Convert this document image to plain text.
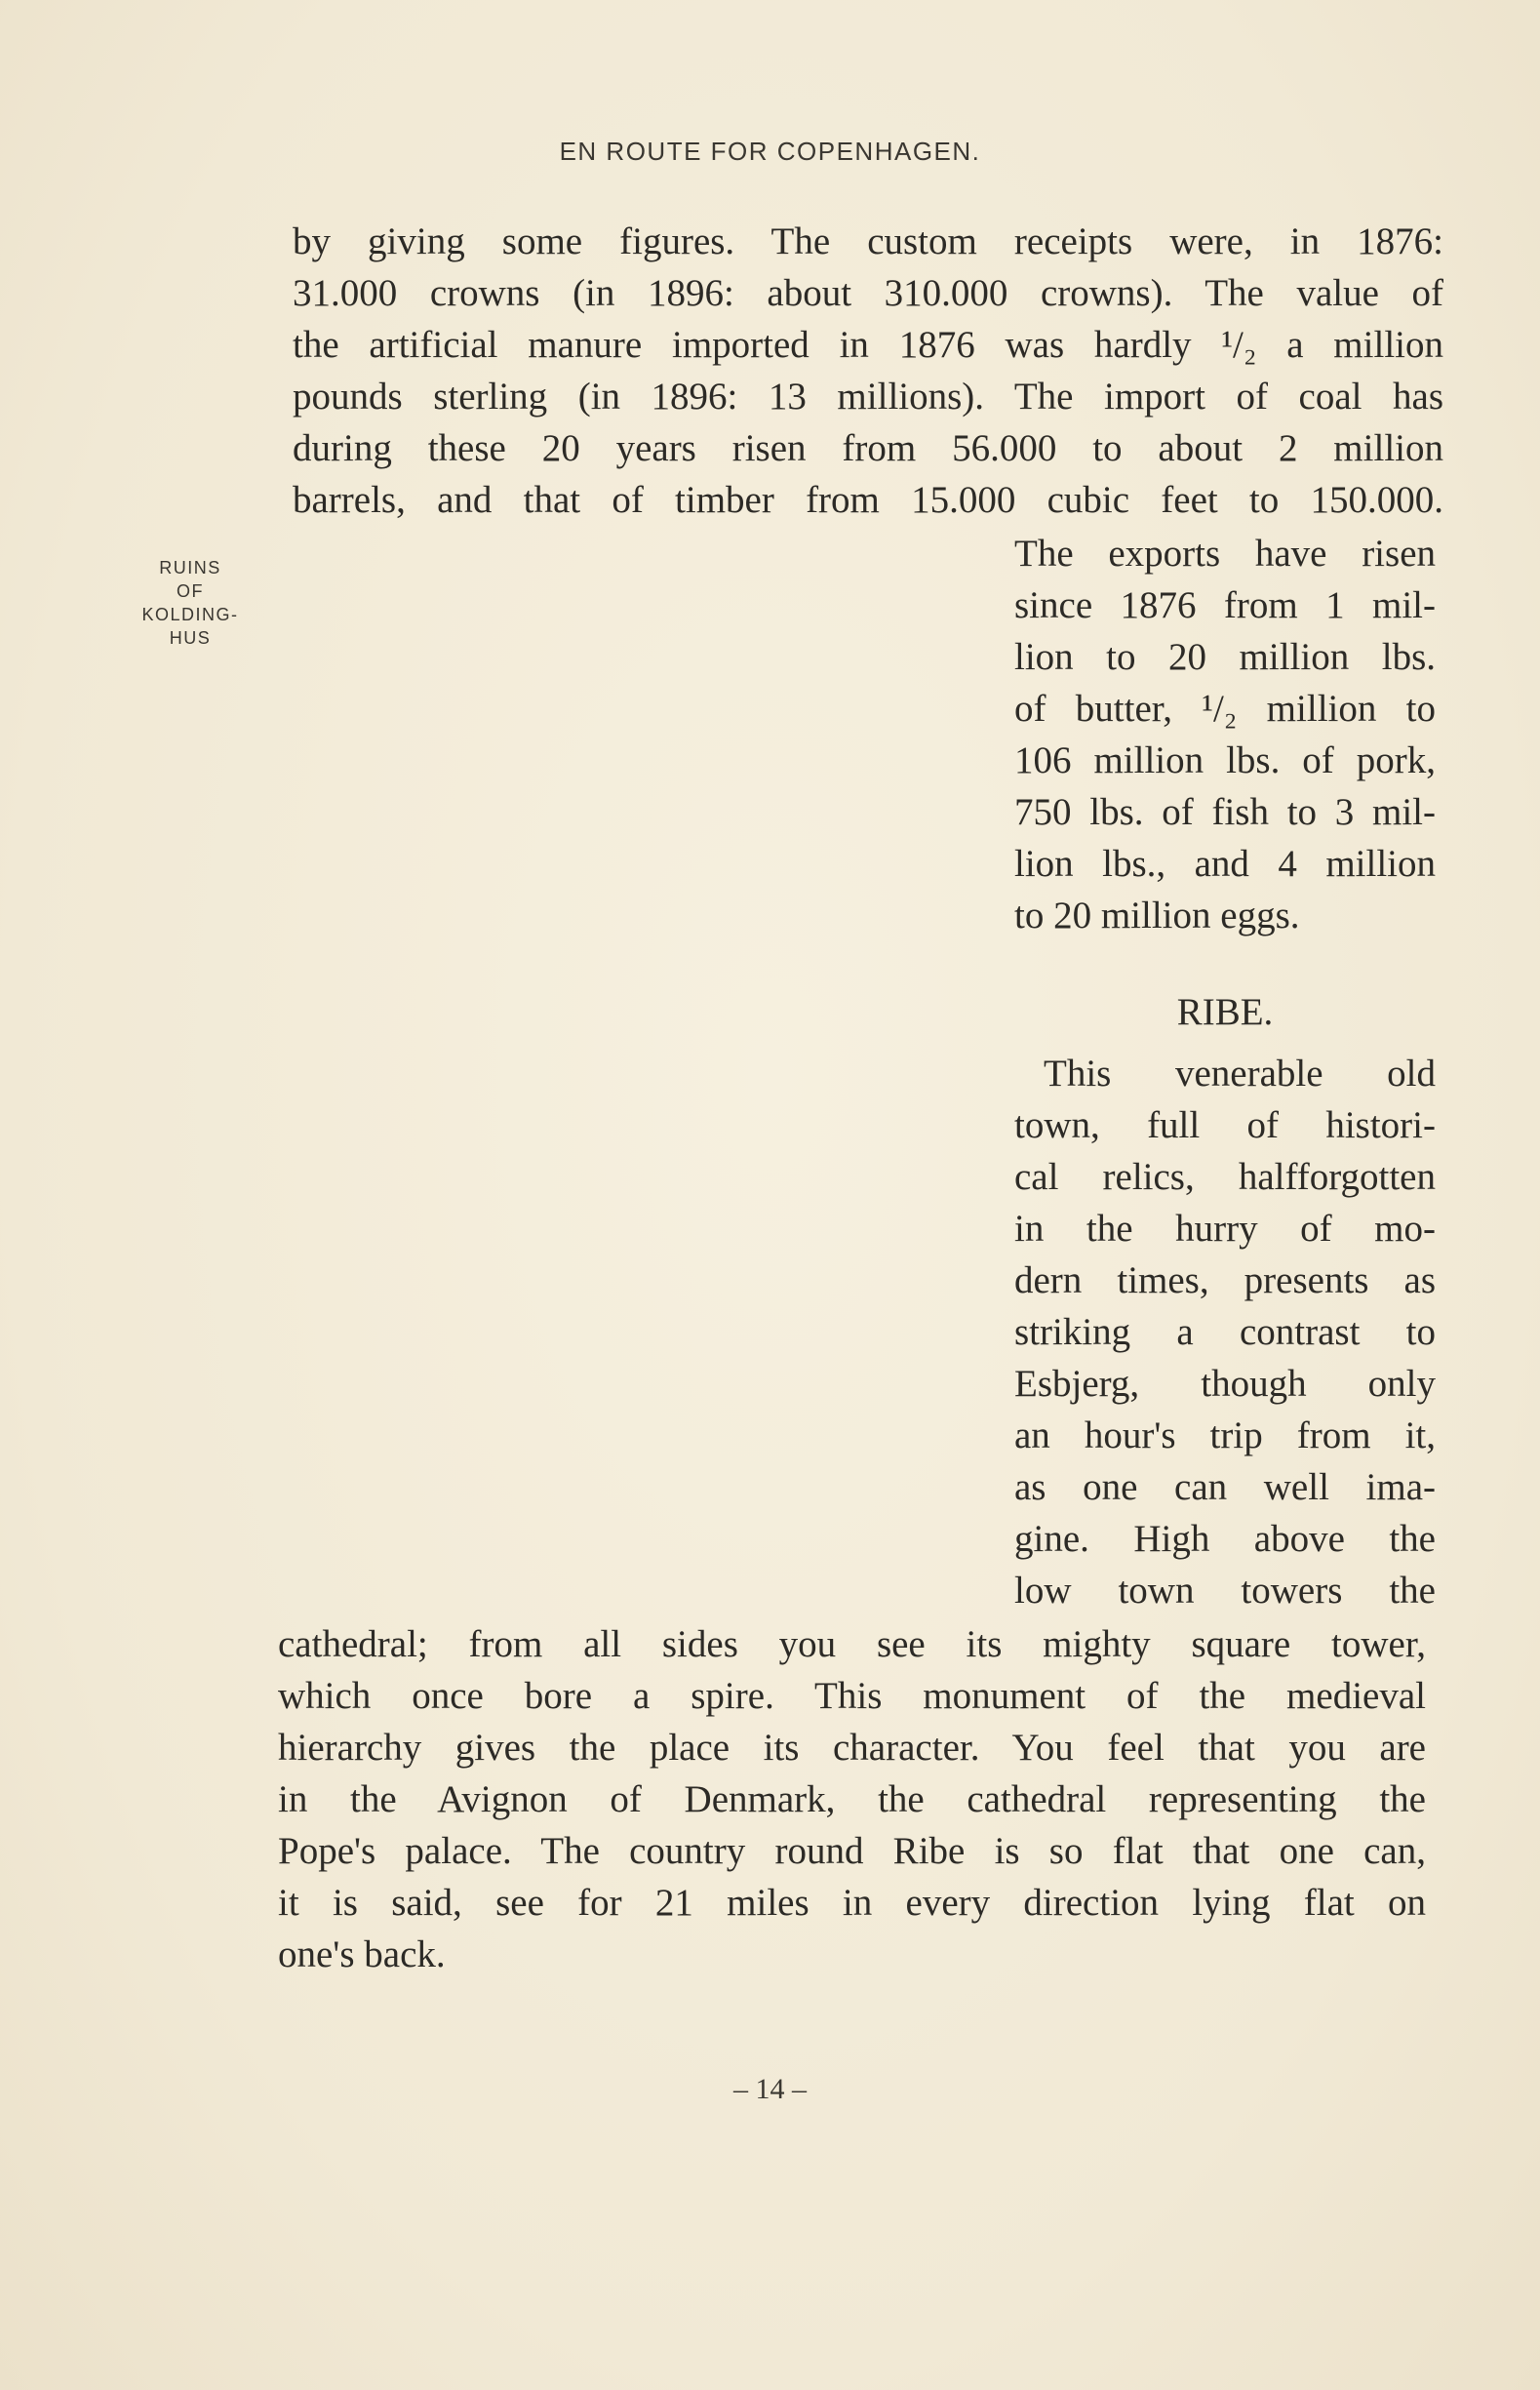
EN ROUTE FOR COPENHAGEN.
by giving some figures. The custom receipts were, in 1876:
31.000 crowns (in 1896: about 310.000 crowns). The value of
the artificial manure imported in 1876 was hardly ¹/₂ a million
pounds sterling (in 1896: 13 millions). The import of coal has
during these 20 years risen from 56.000 to about 2 million
barrels, and that of timber from 15.000 cubic feet to 150.000.
RUINS
OF
KOLDING-
HUS
The exports have risen
since 1876 from 1 mil-
lion to 20 million lbs.
of butter, ¹/₂ million to
106 million lbs. of pork,
750 lbs. of fish to 3 mil-
lion lbs., and 4 million
to 20 million eggs.
RIBE.
This venerable old
town, full of histori-
cal relics, halfforgotten
in the hurry of mo-
dern times, presents as
striking a contrast to
Esbjerg, though only
an hour's trip from it,
as one can well ima-
gine. High above the
low town towers the
cathedral; from all sides you see its mighty square tower,
which once bore a spire. This monument of the medieval
hierarchy gives the place its character. You feel that you are
in the Avignon of Denmark, the cathedral representing the
Pope's palace. The country round Ribe is so flat that one can,
it is said, see for 21 miles in every direction lying flat on
one's back.
– 14 –
